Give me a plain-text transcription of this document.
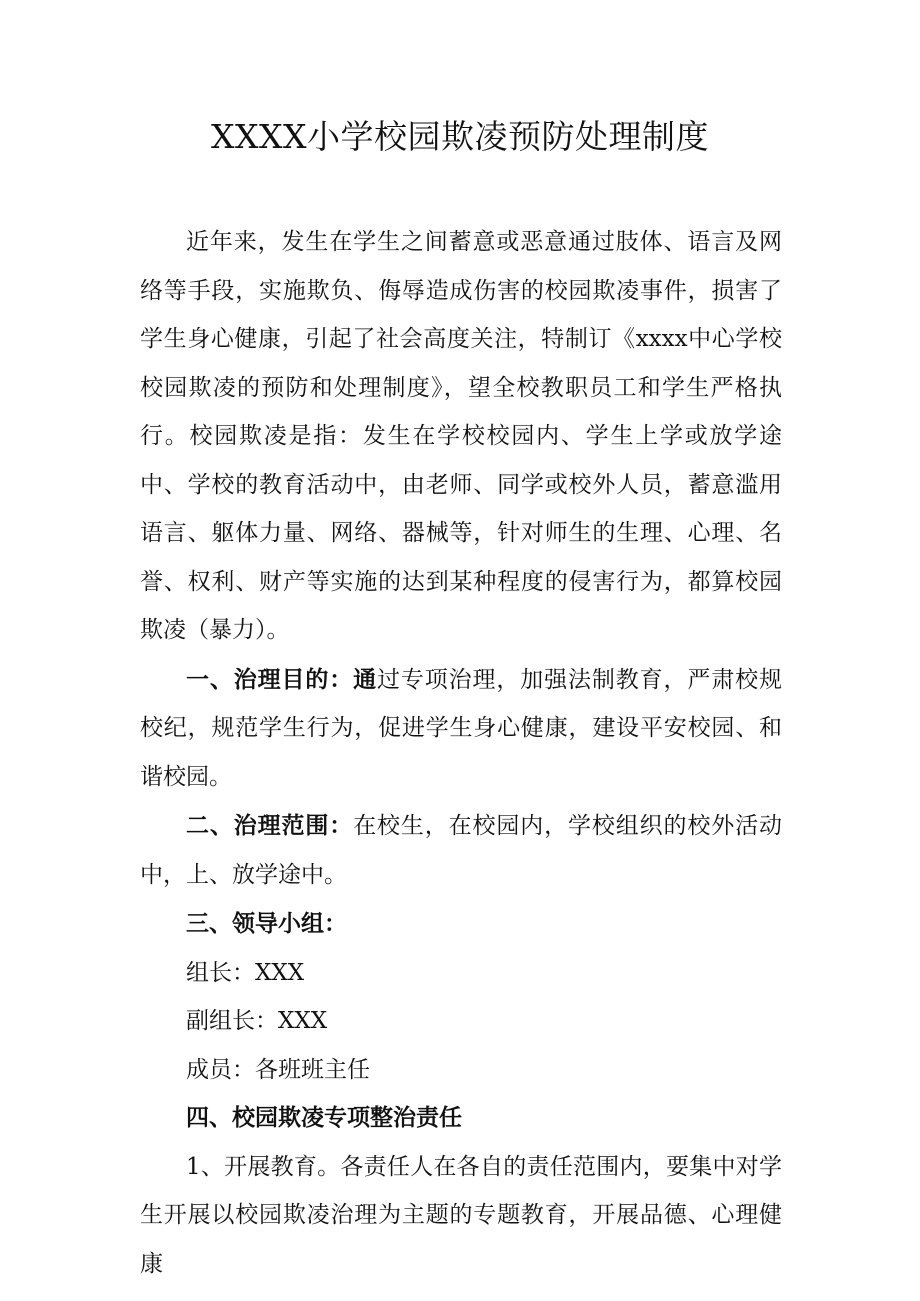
XXXX小学校园欺凌预防处理制度

近年来，发生在学生之间蓄意或恶意通过肢体、语言及网络等手段，实施欺负、侮辱造成伤害的校园欺凌事件，损害了学生身心健康，引起了社会高度关注，特制订《xxxx中心学校校园欺凌的预防和处理制度》，望全校教职员工和学生严格执行。校园欺凌是指：发生在学校校园内、学生上学或放学途中、学校的教育活动中，由老师、同学或校外人员，蓄意滥用语言、躯体力量、网络、器械等，针对师生的生理、心理、名誉、权利、财产等实施的达到某种程度的侵害行为，都算校园欺凌（暴力）。

一、治理目的：通过专项治理，加强法制教育，严肃校规校纪，规范学生行为，促进学生身心健康，建设平安校园、和谐校园。

二、治理范围：在校生，在校园内，学校组织的校外活动中，上、放学途中。

三、领导小组：

组长：XXX

副组长：XXX

成员：各班班主任

四、校园欺凌专项整治责任

1、开展教育。各责任人在各自的责任范围内，要集中对学生开展以校园欺凌治理为主题的专题教育，开展品德、心理健康
